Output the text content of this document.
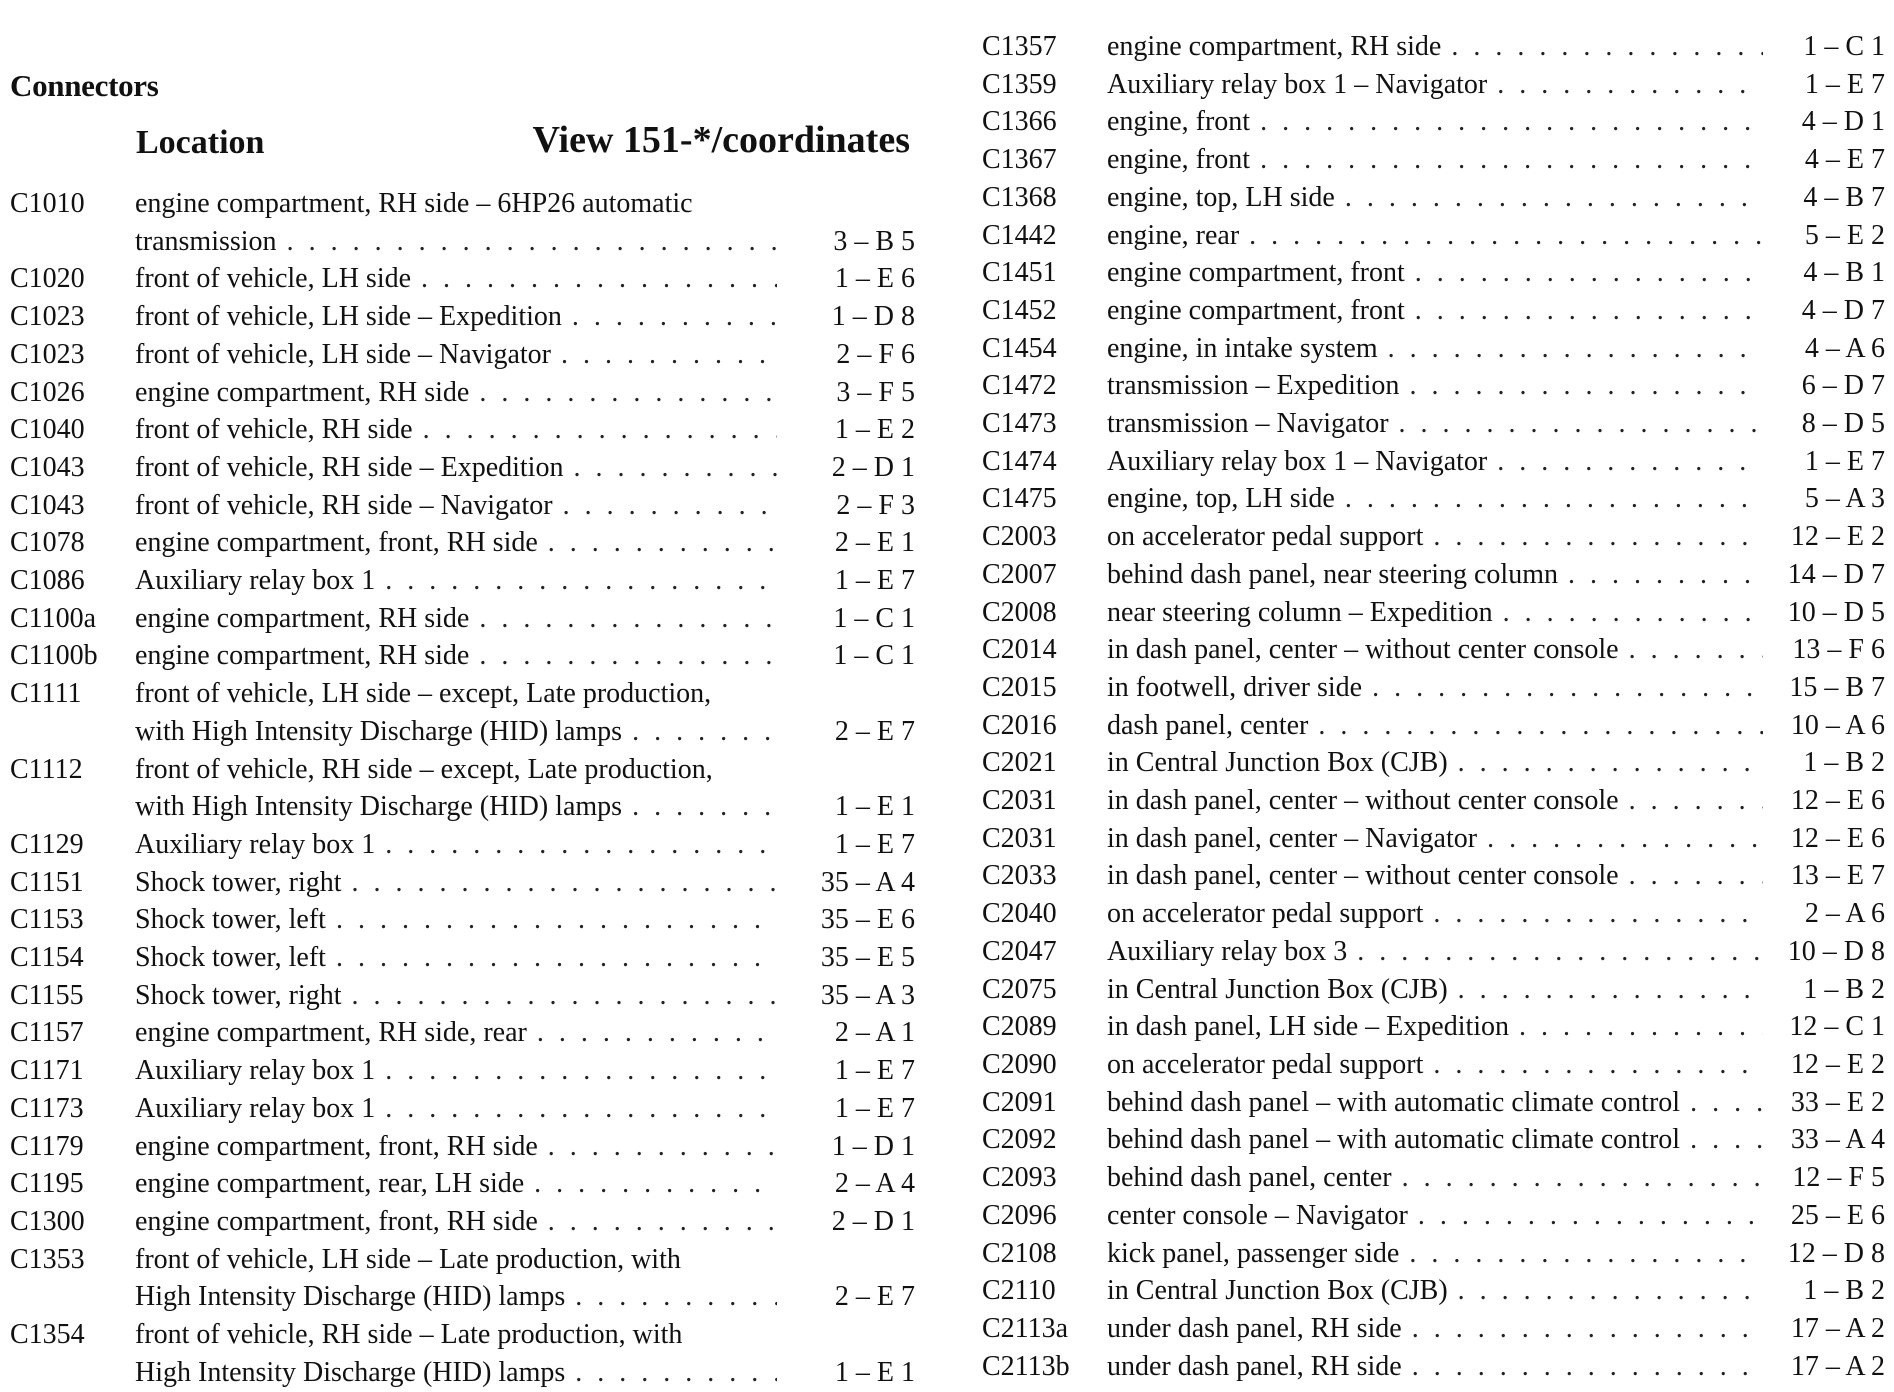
Connectors
Location	View 151-*/coordinates
C1010 engine compartment, RH side – 6HP26 automatic
transmission . . .	3 – B 5
C1020 front of vehicle, LH side . . .	1 – E 6
C1023 front of vehicle, LH side – Expedition . . .	1 – D 8
C1023 front of vehicle, LH side – Navigator . . .	2 – F 6
C1026 engine compartment, RH side . . .	3 – F 5
C1040 front of vehicle, RH side . . .	1 – E 2
C1043 front of vehicle, RH side – Expedition . . .	2 – D 1
C1043 front of vehicle, RH side – Navigator . . .	2 – F 3
C1078 engine compartment, front, RH side . . .	2 – E 1
C1086 Auxiliary relay box 1 . . .	1 – E 7
C1100a engine compartment, RH side . . .	1 – C 1
C1100b engine compartment, RH side . . .	1 – C 1
C1111 front of vehicle, LH side – except, Late production,
with High Intensity Discharge (HID) lamps . . .	2 – E 7
C1112 front of vehicle, RH side – except, Late production,
with High Intensity Discharge (HID) lamps . . .	1 – E 1
C1129 Auxiliary relay box 1 . . .	1 – E 7
C1151 Shock tower, right . . .	35 – A 4
C1153 Shock tower, left . . .	35 – E 6
C1154 Shock tower, left . . .	35 – E 5
C1155 Shock tower, right . . .	35 – A 3
C1157 engine compartment, RH side, rear . . .	2 – A 1
C1171 Auxiliary relay box 1 . . .	1 – E 7
C1173 Auxiliary relay box 1 . . .	1 – E 7
C1179 engine compartment, front, RH side . . .	1 – D 1
C1195 engine compartment, rear, LH side . . .	2 – A 4
C1300 engine compartment, front, RH side . . .	2 – D 1
C1353 front of vehicle, LH side – Late production, with
High Intensity Discharge (HID) lamps . . .	2 – E 7
C1354 front of vehicle, RH side – Late production, with
High Intensity Discharge (HID) lamps . . .	1 – E 1
C1357 engine compartment, RH side . . .	1 – C 1
C1359 Auxiliary relay box 1 – Navigator . . .	1 – E 7
C1366 engine, front . . .	4 – D 1
C1367 engine, front . . .	4 – E 7
C1368 engine, top, LH side . . .	4 – B 7
C1442 engine, rear . . .	5 – E 2
C1451 engine compartment, front . . .	4 – B 1
C1452 engine compartment, front . . .	4 – D 7
C1454 engine, in intake system . . .	4 – A 6
C1472 transmission – Expedition . . .	6 – D 7
C1473 transmission – Navigator . . .	8 – D 5
C1474 Auxiliary relay box 1 – Navigator . . .	1 – E 7
C1475 engine, top, LH side . . .	5 – A 3
C2003 on accelerator pedal support . . .	12 – E 2
C2007 behind dash panel, near steering column . . .	14 – D 7
C2008 near steering column – Expedition . . .	10 – D 5
C2014 in dash panel, center – without center console . . .	13 – F 6
C2015 in footwell, driver side . . .	15 – B 7
C2016 dash panel, center . . .	10 – A 6
C2021 in Central Junction Box (CJB) . . .	1 – B 2
C2031 in dash panel, center – without center console . . .	12 – E 6
C2031 in dash panel, center – Navigator . . .	12 – E 6
C2033 in dash panel, center – without center console . . .	13 – E 7
C2040 on accelerator pedal support . . .	2 – A 6
C2047 Auxiliary relay box 3 . . .	10 – D 8
C2075 in Central Junction Box (CJB) . . .	1 – B 2
C2089 in dash panel, LH side – Expedition . . .	12 – C 1
C2090 on accelerator pedal support . . .	12 – E 2
C2091 behind dash panel – with automatic climate control . . .	33 – E 2
C2092 behind dash panel – with automatic climate control . . .	33 – A 4
C2093 behind dash panel, center . . .	12 – F 5
C2096 center console – Navigator . . .	25 – E 6
C2108 kick panel, passenger side . . .	12 – D 8
C2110 in Central Junction Box (CJB) . . .	1 – B 2
C2113a under dash panel, RH side . . .	17 – A 2
C2113b under dash panel, RH side . . .	17 – A 2
